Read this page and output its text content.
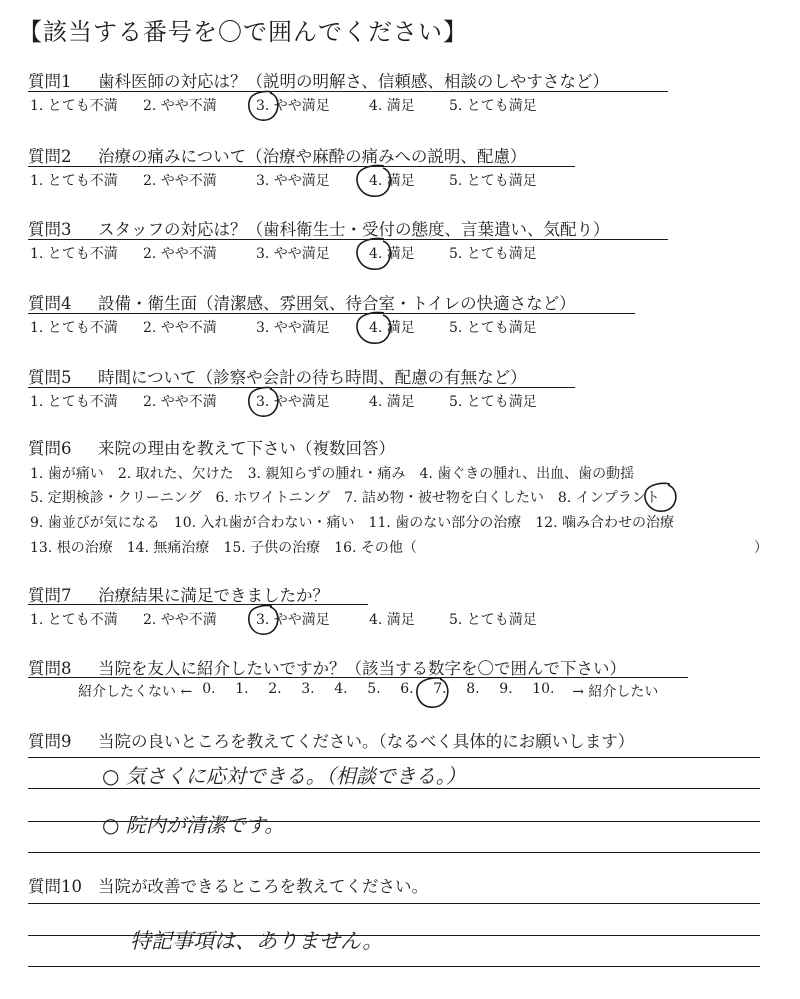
【該当する番号を〇で囲んでください】
質問1	歯科医師の対応は？（説明の明解さ、信頼感、相談のしやすさなど）
1. とても不満	2. やや不満	3. やや満足	4. 満足	5. とても満足
質問2	治療の痛みについて（治療や麻酔の痛みへの説明、配慮）
1. とても不満	2. やや不満	3. やや満足	4. 満足	5. とても満足
質問3	スタッフの対応は？（歯科衛生士・受付の態度、言葉遣い、気配り）
1. とても不満	2. やや不満	3. やや満足	4. 満足	5. とても満足
質問4	設備・衛生面（清潔感、雰囲気、待合室・トイレの快適さなど）
1. とても不満	2. やや不満	3. やや満足	4. 満足	5. とても満足
質問5	時間について（診察や会計の待ち時間、配慮の有無など）
1. とても不満	2. やや不満	3. やや満足	4. 満足	5. とても満足
質問6	来院の理由を教えて下さい（複数回答）
1. 歯が痛い 2. 取れた、欠けた 3. 親知らずの腫れ・痛み 4. 歯ぐきの腫れ、出血、歯の動揺
5. 定期検診・クリーニング 6. ホワイトニング 7. 詰め物・被せ物を白くしたい 8. インプラント
9. 歯並びが気になる 10. 入れ歯が合わない・痛い 11. 歯のない部分の治療 12. 噛み合わせの治療
13. 根の治療 14. 無痛治療 15. 子供の治療 16. その他（	）
質問7	治療結果に満足できましたか？
1. とても不満	2. やや不満	3. やや満足	4. 満足	5. とても満足
質問8	当院を友人に紹介したいですか？（該当する数字を〇で囲んで下さい）
紹介したくない ← 0.	1.	2.	3.	4.	5.	6.	7.	8.	9.	10.	→ 紹介したい
質問9	当院の良いところを教えてください。（なるべく具体的にお願いします）
○ 気さくに応対できる。（相談できる。）
○ 院内が清潔です。
質問10 当院が改善できるところを教えてください。
特記事項は、ありません。
